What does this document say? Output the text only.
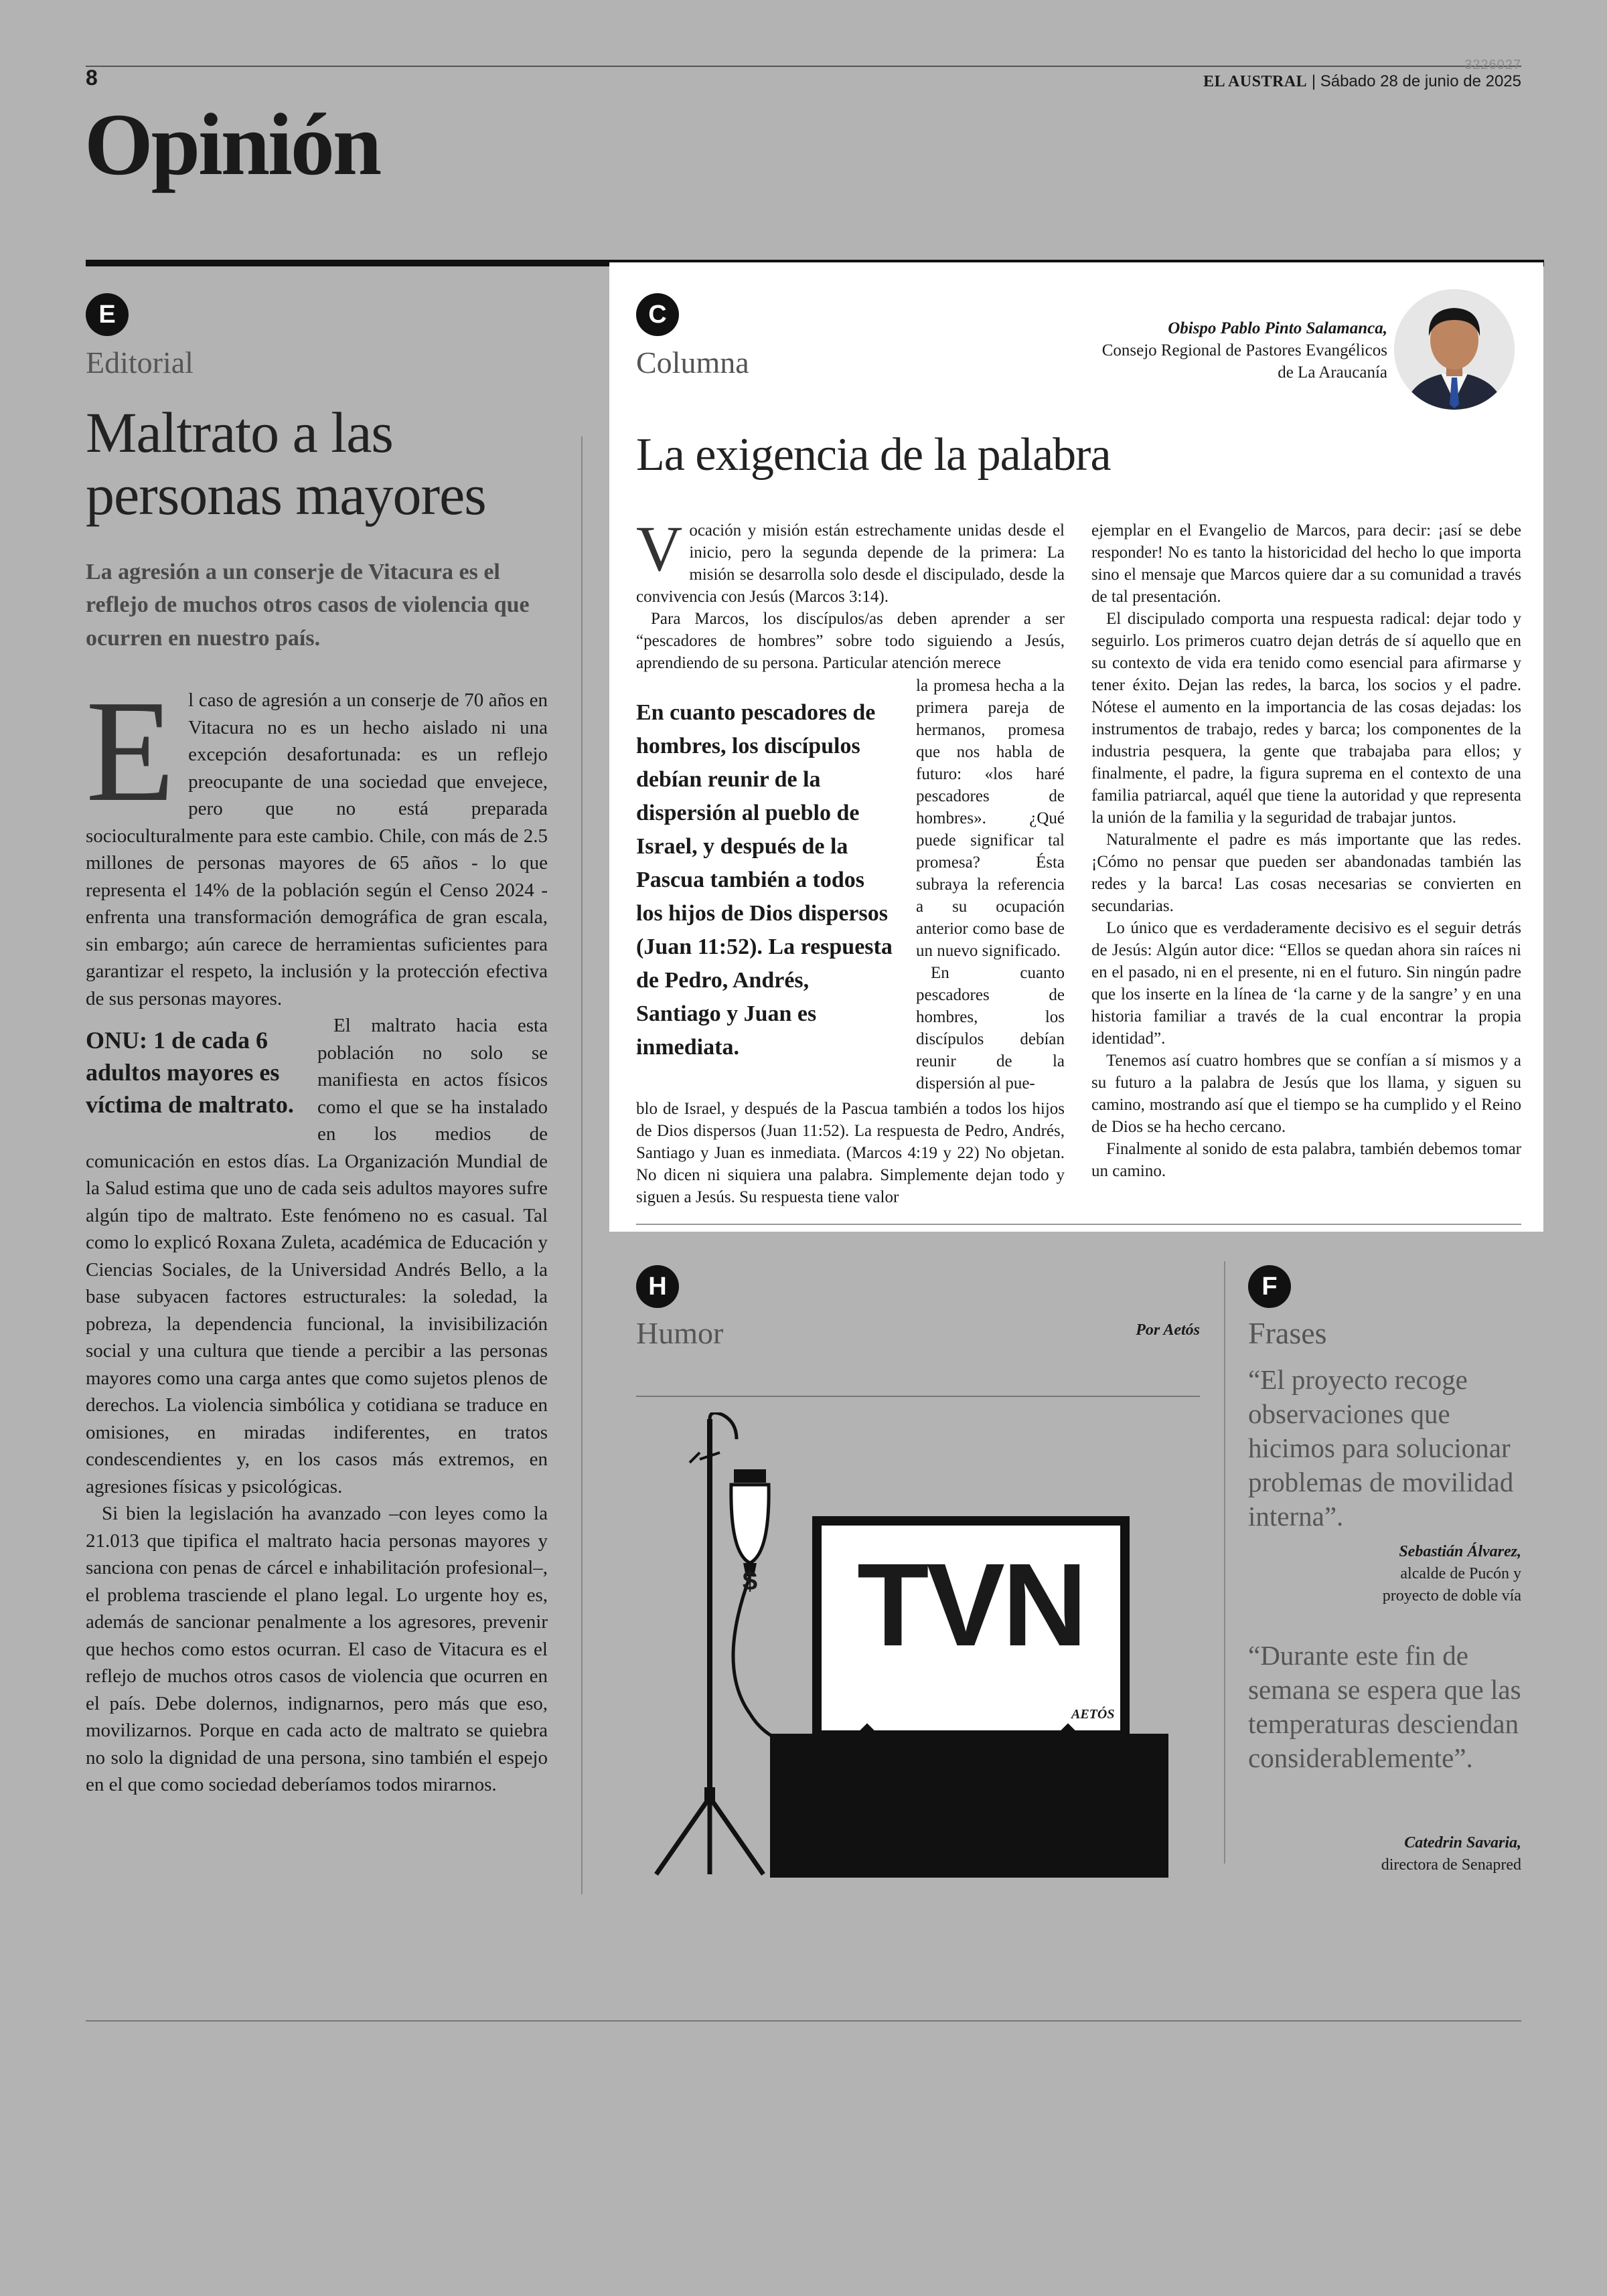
8
3226027
EL AUSTRAL | Sábado 28 de junio de 2025
Opinión
E
Editorial
Maltrato a las personas mayores
La agresión a un conserje de Vitacura es el reflejo de muchos otros casos de violencia que ocurren en nuestro país.
E l caso de agresión a un conserje de 70 años en Vitacura no es un hecho aislado ni una excepción desafortunada: es un reflejo preocupante de una sociedad que envejece, pero que no está preparada socioculturalmente para este cambio. Chile, con más de 2.5 millones de personas mayores de 65 años - lo que representa el 14% de la población según el Censo 2024 - enfrenta una transformación demográfica de gran escala, sin embargo; aún carece de herramientas suficientes para garantizar el respeto, la inclusión y la protección efectiva de sus personas mayores.

ONU: 1 de cada 6 adultos mayores es víctima de maltrato.

El maltrato hacia esta población no solo se manifiesta en actos físicos como el que se ha instalado en los medios de comunicación en estos días. La Organización Mundial de la Salud estima que uno de cada seis adultos mayores sufre algún tipo de maltrato. Este fenómeno no es casual. Tal como lo explicó Roxana Zuleta, académica de Educación y Ciencias Sociales, de la Universidad Andrés Bello, a la base subyacen factores estructurales: la soledad, la pobreza, la dependencia funcional, la invisibilización social y una cultura que tiende a percibir a las personas mayores como una carga antes que como sujetos plenos de derechos. La violencia simbólica y cotidiana se traduce en omisiones, en miradas indiferentes, en tratos condescendientes y, en los casos más extremos, en agresiones físicas y psicológicas.

Si bien la legislación ha avanzado –con leyes como la 21.013 que tipifica el maltrato hacia personas mayores y sanciona con penas de cárcel e inhabilitación profesional–, el problema trasciende el plano legal. Lo urgente hoy es, además de sancionar penalmente a los agresores, prevenir que hechos como estos ocurran. El caso de Vitacura es el reflejo de muchos otros casos de violencia que ocurren en el país. Debe dolernos, indignarnos, pero más que eso, movilizarnos. Porque en cada acto de maltrato se quiebra no solo la dignidad de una persona, sino también el espejo en el que como sociedad deberíamos todos mirarnos.

C
Columna
Obispo Pablo Pinto Salamanca,
Consejo Regional de Pastores Evangélicos
de La Araucanía
La exigencia de la palabra
V ocación y misión están estrechamente unidas desde el inicio, pero la segunda depende de la primera: La misión se desarrolla solo desde el discipulado, desde la convivencia con Jesús (Marcos 3:14).

Para Marcos, los discípulos/as deben aprender a ser “pescadores de hombres” sobre todo siguiendo a Jesús, aprendiendo de su persona. Particular atención merece

En cuanto pescadores de hombres, los discípulos debían reunir de la dispersión al pueblo de Israel, y después de la Pascua también a todos los hijos de Dios dispersos (Juan 11:52). La respuesta de Pedro, Andrés, Santiago y Juan es inmediata.

la promesa hecha a la primera pareja de hermanos, promesa que nos habla de futuro: «los haré pescadores de hombres». ¿Qué puede significar tal promesa? Ésta subraya la referencia a su ocupación anterior como base de un nuevo significado.

En cuanto pescadores de hombres, los discípulos debían reunir de la dispersión al pue-

blo de Israel, y después de la Pascua también a todos los hijos de Dios dispersos (Juan 11:52). La respuesta de Pedro, Andrés, Santiago y Juan es inmediata. (Marcos 4:19 y 22) No objetan. No dicen ni siquiera una palabra. Simplemente dejan todo y siguen a Jesús. Su respuesta tiene valor

ejemplar en el Evangelio de Marcos, para decir: ¡así se debe responder! No es tanto la historicidad del hecho lo que importa sino el mensaje que Marcos quiere dar a su comunidad a través de tal presentación.

El discipulado comporta una respuesta radical: dejar todo y seguirlo. Los primeros cuatro dejan detrás de sí aquello que en su contexto de vida era tenido como esencial para afirmarse y tener éxito. Dejan las redes, la barca, los socios y el padre. Nótese el aumento en la importancia de las cosas dejadas: los instrumentos de trabajo, redes y barca; los componentes de la industria pesquera, la gente que trabajaba para ellos; y finalmente, el padre, la figura suprema en el contexto de una familia patriarcal, aquél que tiene la autoridad y que representa la unión de la familia y la seguridad de trabajar juntos.

Naturalmente el padre es más importante que las redes. ¡Cómo no pensar que pueden ser abandonadas también las redes y la barca! Las cosas necesarias se convierten en secundarias.

Lo único que es verdaderamente decisivo es el seguir detrás de Jesús: Algún autor dice: “Ellos se quedan ahora sin raíces ni en el pasado, ni en el presente, ni en el futuro. Sin ningún padre que los inserte en la línea de ‘la carne y de la sangre’ y en una historia familiar a través de la cual encontrar la propia identidad”.

Tenemos así cuatro hombres que se confían a sí mismos y a su futuro a la palabra de Jesús que los llama, y siguen su camino, mostrando así que el tiempo se ha cumplido y el Reino de Dios se ha hecho cercano.

Finalmente al sonido de esta palabra, también debemos tomar un camino.

H
Humor	Por Aetós
$ TVN
AETÓS
F
Frases
“El proyecto recoge observaciones que hicimos para solucionar problemas de movilidad interna”.
Sebastián Álvarez,
alcalde de Pucón y
proyecto de doble vía
“Durante este fin de semana se espera que las temperaturas desciendan considerablemente”.
Catedrin Savaria,
directora de Senapred
